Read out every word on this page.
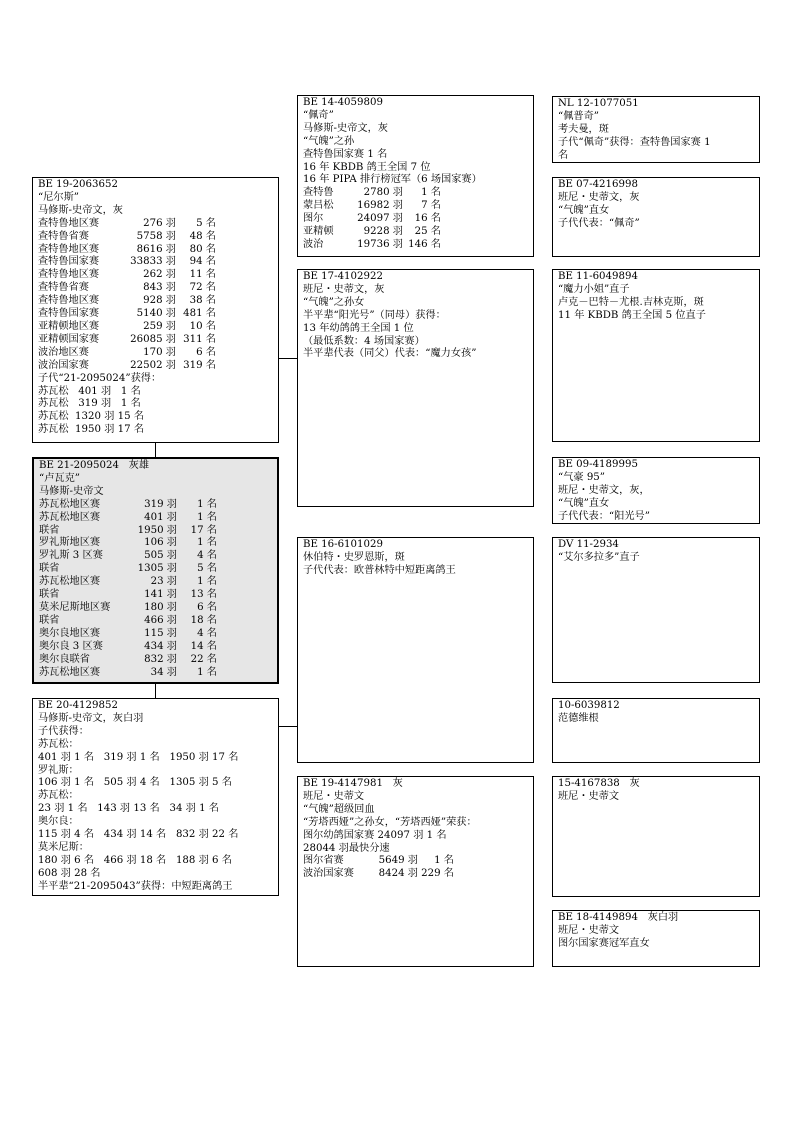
BE 21-2095024   灰雄
“卢瓦克”
马修斯-史帝文
苏瓦松地区赛	319 羽	1 名
苏瓦松地区赛	401 羽	1 名
联省	1950 羽	17 名
罗礼斯地区赛	106 羽	1 名
罗礼斯 3 区赛	505 羽	4 名
联省	1305 羽	5 名
苏瓦松地区赛	23 羽	1 名
联省	141 羽	13 名
莫米尼斯地区赛	180 羽	6 名
联省	466 羽	18 名
奥尔良地区赛	115 羽	4 名
奥尔良 3 区赛	434 羽	14 名
奥尔良联省	832 羽	22 名
苏瓦松地区赛	34 羽	1 名
BE 19-2063652
“尼尔斯”
马修斯-史帝文，灰
查特鲁地区赛	276 羽	5 名
查特鲁省赛	5758 羽	48 名
查特鲁地区赛	8616 羽	80 名
查特鲁国家赛	33833 羽	94 名
查特鲁地区赛	262 羽	11 名
查特鲁省赛	843 羽	72 名
查特鲁地区赛	928 羽	38 名
查特鲁国家赛	5140 羽 481 名
亚精顿地区赛	259 羽	10 名
亚精顿国家赛	26085 羽 311 名
波治地区赛	170 羽	6 名
波治国家赛	22502 羽 319 名
子代“21-2095024”获得：
苏瓦松   401 羽   1 名
苏瓦松   319 羽   1 名
苏瓦松  1320 羽 15 名
苏瓦松  1950 羽 17 名
BE 20-4129852
马修斯-史帝文，灰白羽
子代获得：
苏瓦松：
401 羽 1 名   319 羽 1 名   1950 羽 17 名
罗礼斯：
106 羽 1 名   505 羽 4 名   1305 羽 5 名
苏瓦松：
23 羽 1 名   143 羽 13 名   34 羽 1 名
奥尔良：
115 羽 4 名   434 羽 14 名   832 羽 22 名
莫米尼斯：
180 羽 6 名   466 羽 18 名   188 羽 6 名
608 羽 28 名
半平辈“21-2095043”获得：中短距离鸽王
BE 14-4059809
“佩奇”
马修斯-史帝文，灰
“气魄”之孙
查特鲁国家赛 1 名
16 年 KBDB 鸽王全国 7 位
16 年 PIPA 排行榜冠军（6 场国家赛）
查特鲁	2780 羽	1 名
蒙吕松	16982 羽	7 名
图尔	24097 羽	16 名
亚精顿	9228 羽	25 名
波治	19736 羽 146 名
BE 17-4102922
班尼・史蒂文，灰
“气魄”之孙女
半平辈“阳光号”（同母）获得：
13 年幼鸽鸽王全国 1 位
（最低系数：4 场国家赛）
半平辈代表（同父）代表：“魔力女孩”
BE 16-6101029
休伯特・史罗恩斯，斑
子代代表：欧普林特中短距离鸽王
BE 19-4147981   灰
班尼・史蒂文
“气魄”超级回血
“芳塔西娅”之孙女，“芳塔西娅”荣获：
图尔幼鸽国家赛 24097 羽 1 名
28044 羽最快分速
图尔省赛	5649 羽	1 名
波治国家赛	8424 羽 229 名
NL 12-1077051
“佩普奇”
考夫曼，斑
子代“佩奇”获得：查特鲁国家赛 1
名
BE 07-4216998
班尼・史蒂文，灰
“气魄”直女
子代代表：“佩奇”
BE 11-6049894
“魔力小姐”直子
卢克－巴特－尤根.吉林克斯，斑
11 年 KBDB 鸽王全国 5 位直子
BE 09-4189995
“气豪 95”
班尼・史蒂文，灰，
“气魄”直女
子代代表：“阳光号”
DV 11-2934
“艾尔多拉多”直子
10-6039812
范德维根
15-4167838   灰
班尼・史蒂文
BE 18-4149894   灰白羽
班尼・史蒂文
图尔国家赛冠军直女
